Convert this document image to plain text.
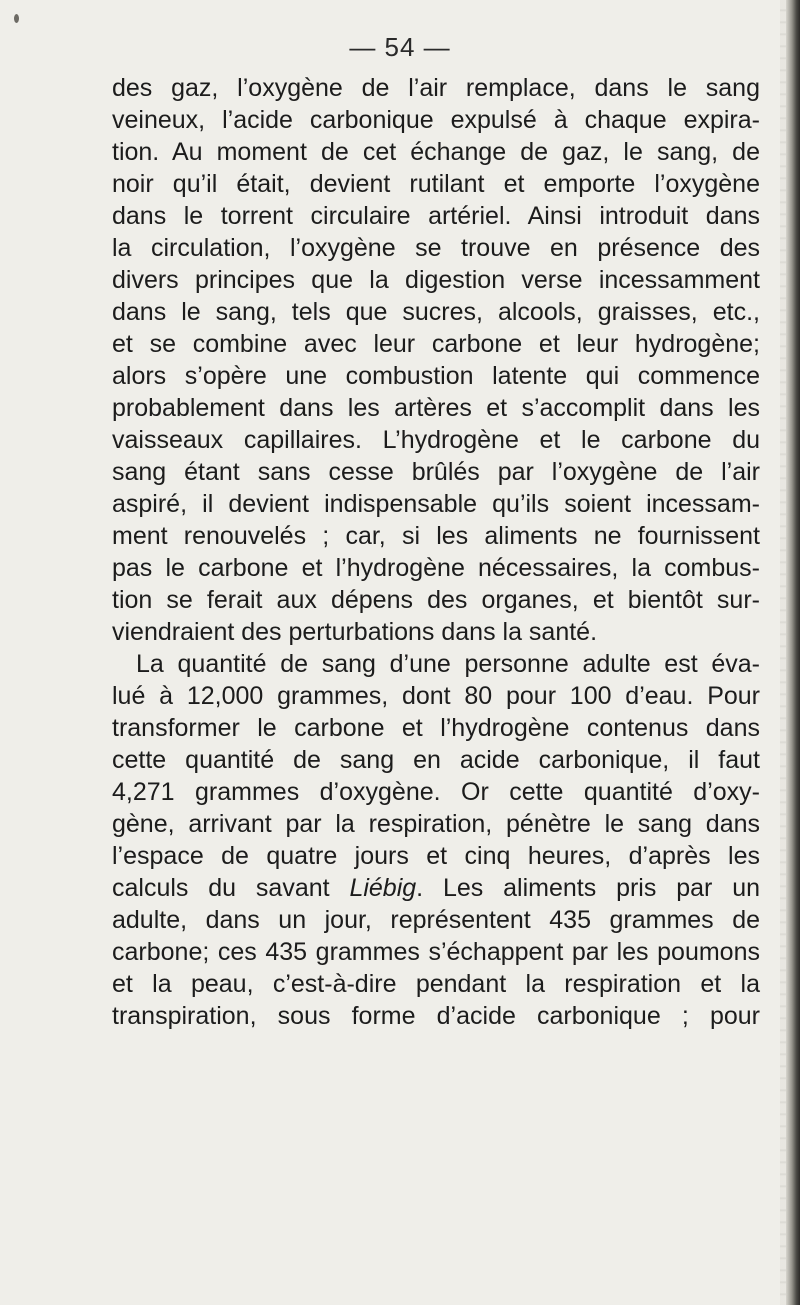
— 54 —
des gaz, l’oxygène de l’air remplace, dans le sang
veineux, l’acide carbonique expulsé à chaque expira-
tion. Au moment de cet échange de gaz, le sang, de
noir qu’il était, devient rutilant et emporte l’oxygène
dans le torrent circulaire artériel. Ainsi introduit dans
la circulation, l’oxygène se trouve en présence des
divers principes que la digestion verse incessamment
dans le sang, tels que sucres, alcools, graisses, etc.,
et se combine avec leur carbone et leur hydrogène;
alors s’opère une combustion latente qui commence
probablement dans les artères et s’accomplit dans les
vaisseaux capillaires. L’hydrogène et le carbone du
sang étant sans cesse brûlés par l’oxygène de l’air
aspiré, il devient indispensable qu’ils soient incessam-
ment renouvelés ; car, si les aliments ne fournissent
pas le carbone et l’hydrogène nécessaires, la combus-
tion se ferait aux dépens des organes, et bientôt sur-
viendraient des perturbations dans la santé.
La quantité de sang d’une personne adulte est éva-
lué à 12,000 grammes, dont 80 pour 100 d’eau. Pour
transformer le carbone et l’hydrogène contenus dans
cette quantité de sang en acide carbonique, il faut
4,271 grammes d’oxygène. Or cette quantité d’oxy-
gène, arrivant par la respiration, pénètre le sang dans
l’espace de quatre jours et cinq heures, d’après les
calculs du savant Liébig. Les aliments pris par un
adulte, dans un jour, représentent 435 grammes de
carbone; ces 435 grammes s’échappent par les poumons
et la peau, c’est-à-dire pendant la respiration et la
transpiration, sous forme d’acide carbonique ; pour
